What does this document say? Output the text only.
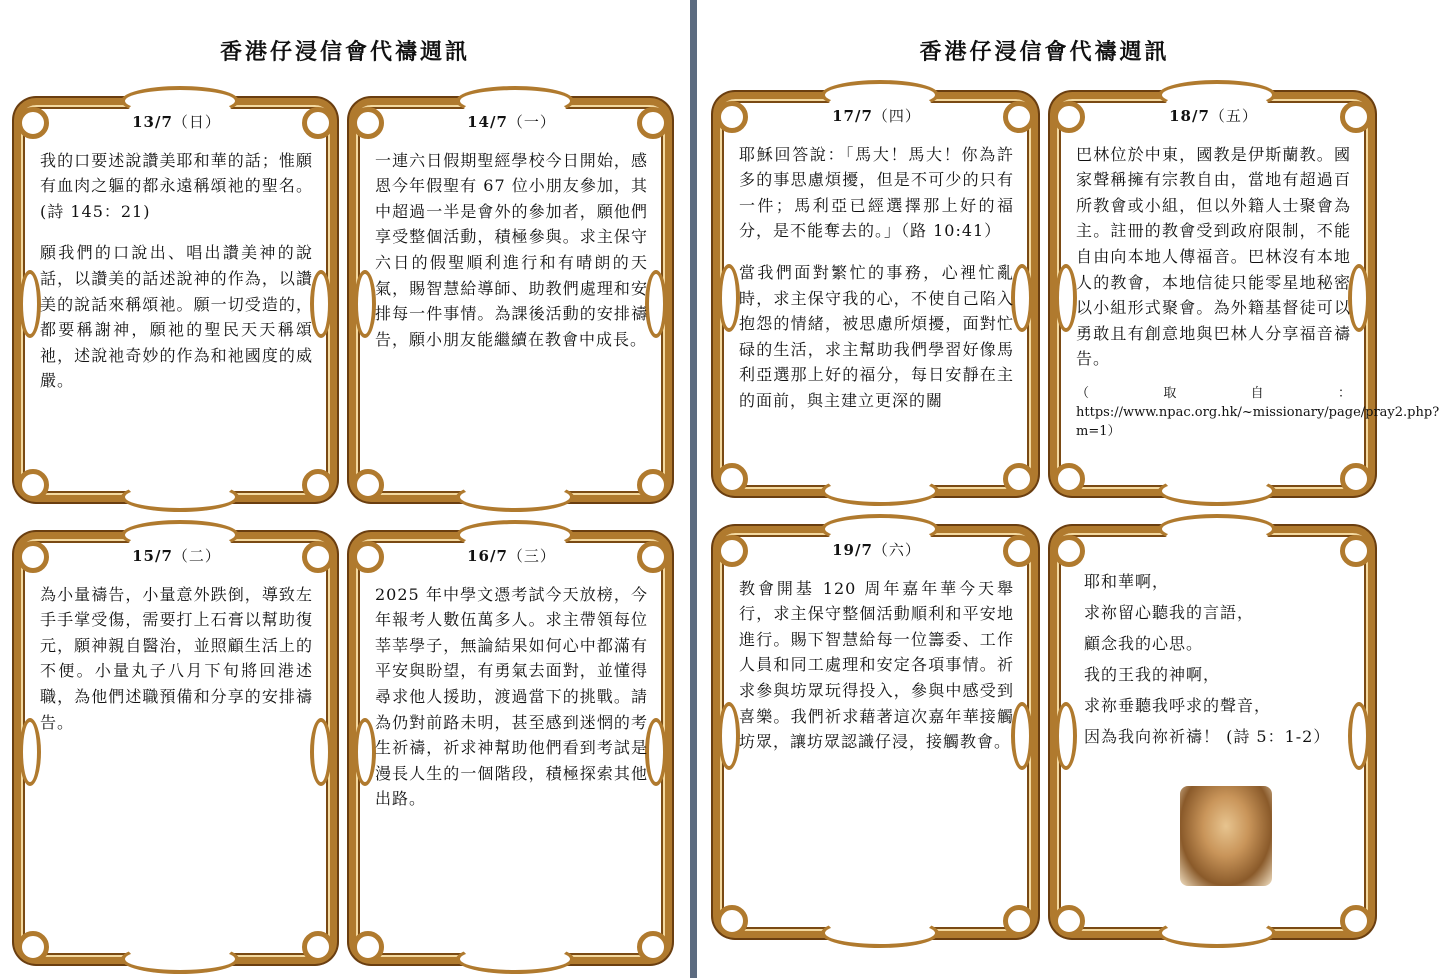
香港仔浸信會代禱週訊	香港仔浸信會代禱週訊
13/7（日）

我的口要述說讚美耶和華的話；惟願有血肉之軀的都永遠稱頌祂的聖名。(詩 145：21)

願我們的口說出、唱出讚美神的說話，以讚美的話述說神的作為，以讚美的說話來稱頌祂。願一切受造的，都要稱謝神，願祂的聖民天天稱頌祂，述說祂奇妙的作為和祂國度的威嚴。

14/7（一）

一連六日假期聖經學校今日開始，感恩今年假聖有 67 位小朋友參加，其中超過一半是會外的參加者，願他們享受整個活動，積極參與。求主保守六日的假聖順利進行和有晴朗的天氣，賜智慧給導師、助教們處理和安排每一件事情。為課後活動的安排禱告，願小朋友能繼續在教會中成長。

15/7（二）

為小量禱告，小量意外跌倒，導致左手手掌受傷，需要打上石膏以幫助復元，願神親自醫治，並照顧生活上的不便。小量丸子八月下旬將回港述職，為他們述職預備和分享的安排禱告。

16/7（三）

2025 年中學文憑考試今天放榜，今年報考人數伍萬多人。求主帶領每位莘莘學子，無論結果如何心中都滿有平安與盼望，有勇氣去面對，並懂得尋求他人援助，渡過當下的挑戰。請為仍對前路未明，甚至感到迷惘的考生祈禱，祈求神幫助他們看到考試是漫長人生的一個階段，積極探索其他出路。

17/7（四）

耶穌回答說：「馬大！馬大！你為許多的事思慮煩擾，但是不可少的只有一件；馬利亞已經選擇那上好的福分，是不能奪去的。」（路 10:41）

當我們面對繁忙的事務，心裡忙亂時，求主保守我的心，不使自己陷入抱怨的情緒，被思慮所煩擾，面對忙碌的生活，求主幫助我們學習好像馬利亞選那上好的福分，每日安靜在主的面前，與主建立更深的關

18/7（五）

巴林位於中東，國教是伊斯蘭教。國家聲稱擁有宗教自由，當地有超過百所教會或小組，但以外籍人士聚會為主。註冊的教會受到政府限制，不能自由向本地人傳福音。巴林沒有本地人的教會，本地信徒只能零星地秘密以小組形式聚會。為外籍基督徒可以勇敢且有創意地與巴林人分享福音禱告。

（取自：https://www.npac.org.hk/~missionary/page/pray2.php?m=1）

19/7（六）

教會開基 120 周年嘉年華今天舉行，求主保守整個活動順利和平安地進行。賜下智慧給每一位籌委、工作人員和同工處理和安定各項事情。祈求參與坊眾玩得投入，參與中感受到喜樂。我們祈求藉著這次嘉年華接觸坊眾，讓坊眾認識仔浸，接觸教會。

耶和華啊，
求祢留心聽我的言語，
顧念我的心思。
我的王我的神啊，
求祢垂聽我呼求的聲音，
因為我向祢祈禱！ (詩 5：1-2）
